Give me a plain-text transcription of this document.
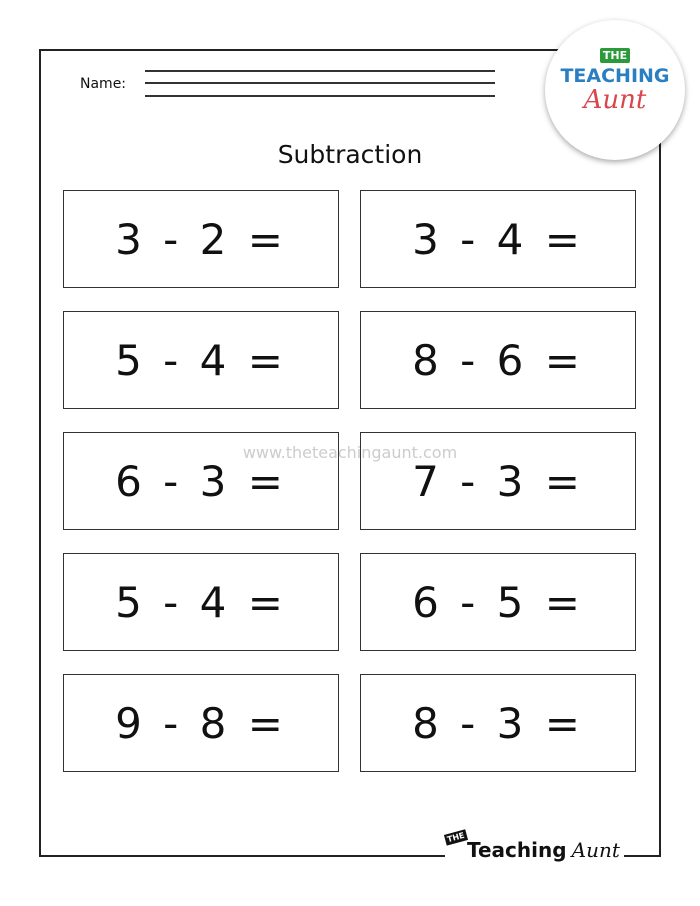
Name:
Subtraction
www.theteachingaunt.com
3 - 2 =	3 - 4 =
5 - 4 =	8 - 6 =
6 - 3 =	7 - 3 =
5 - 4 =	6 - 5 =
9 - 8 =	8 - 3 =
THE
TEACHING
Aunt
THE
Teaching Aunt
